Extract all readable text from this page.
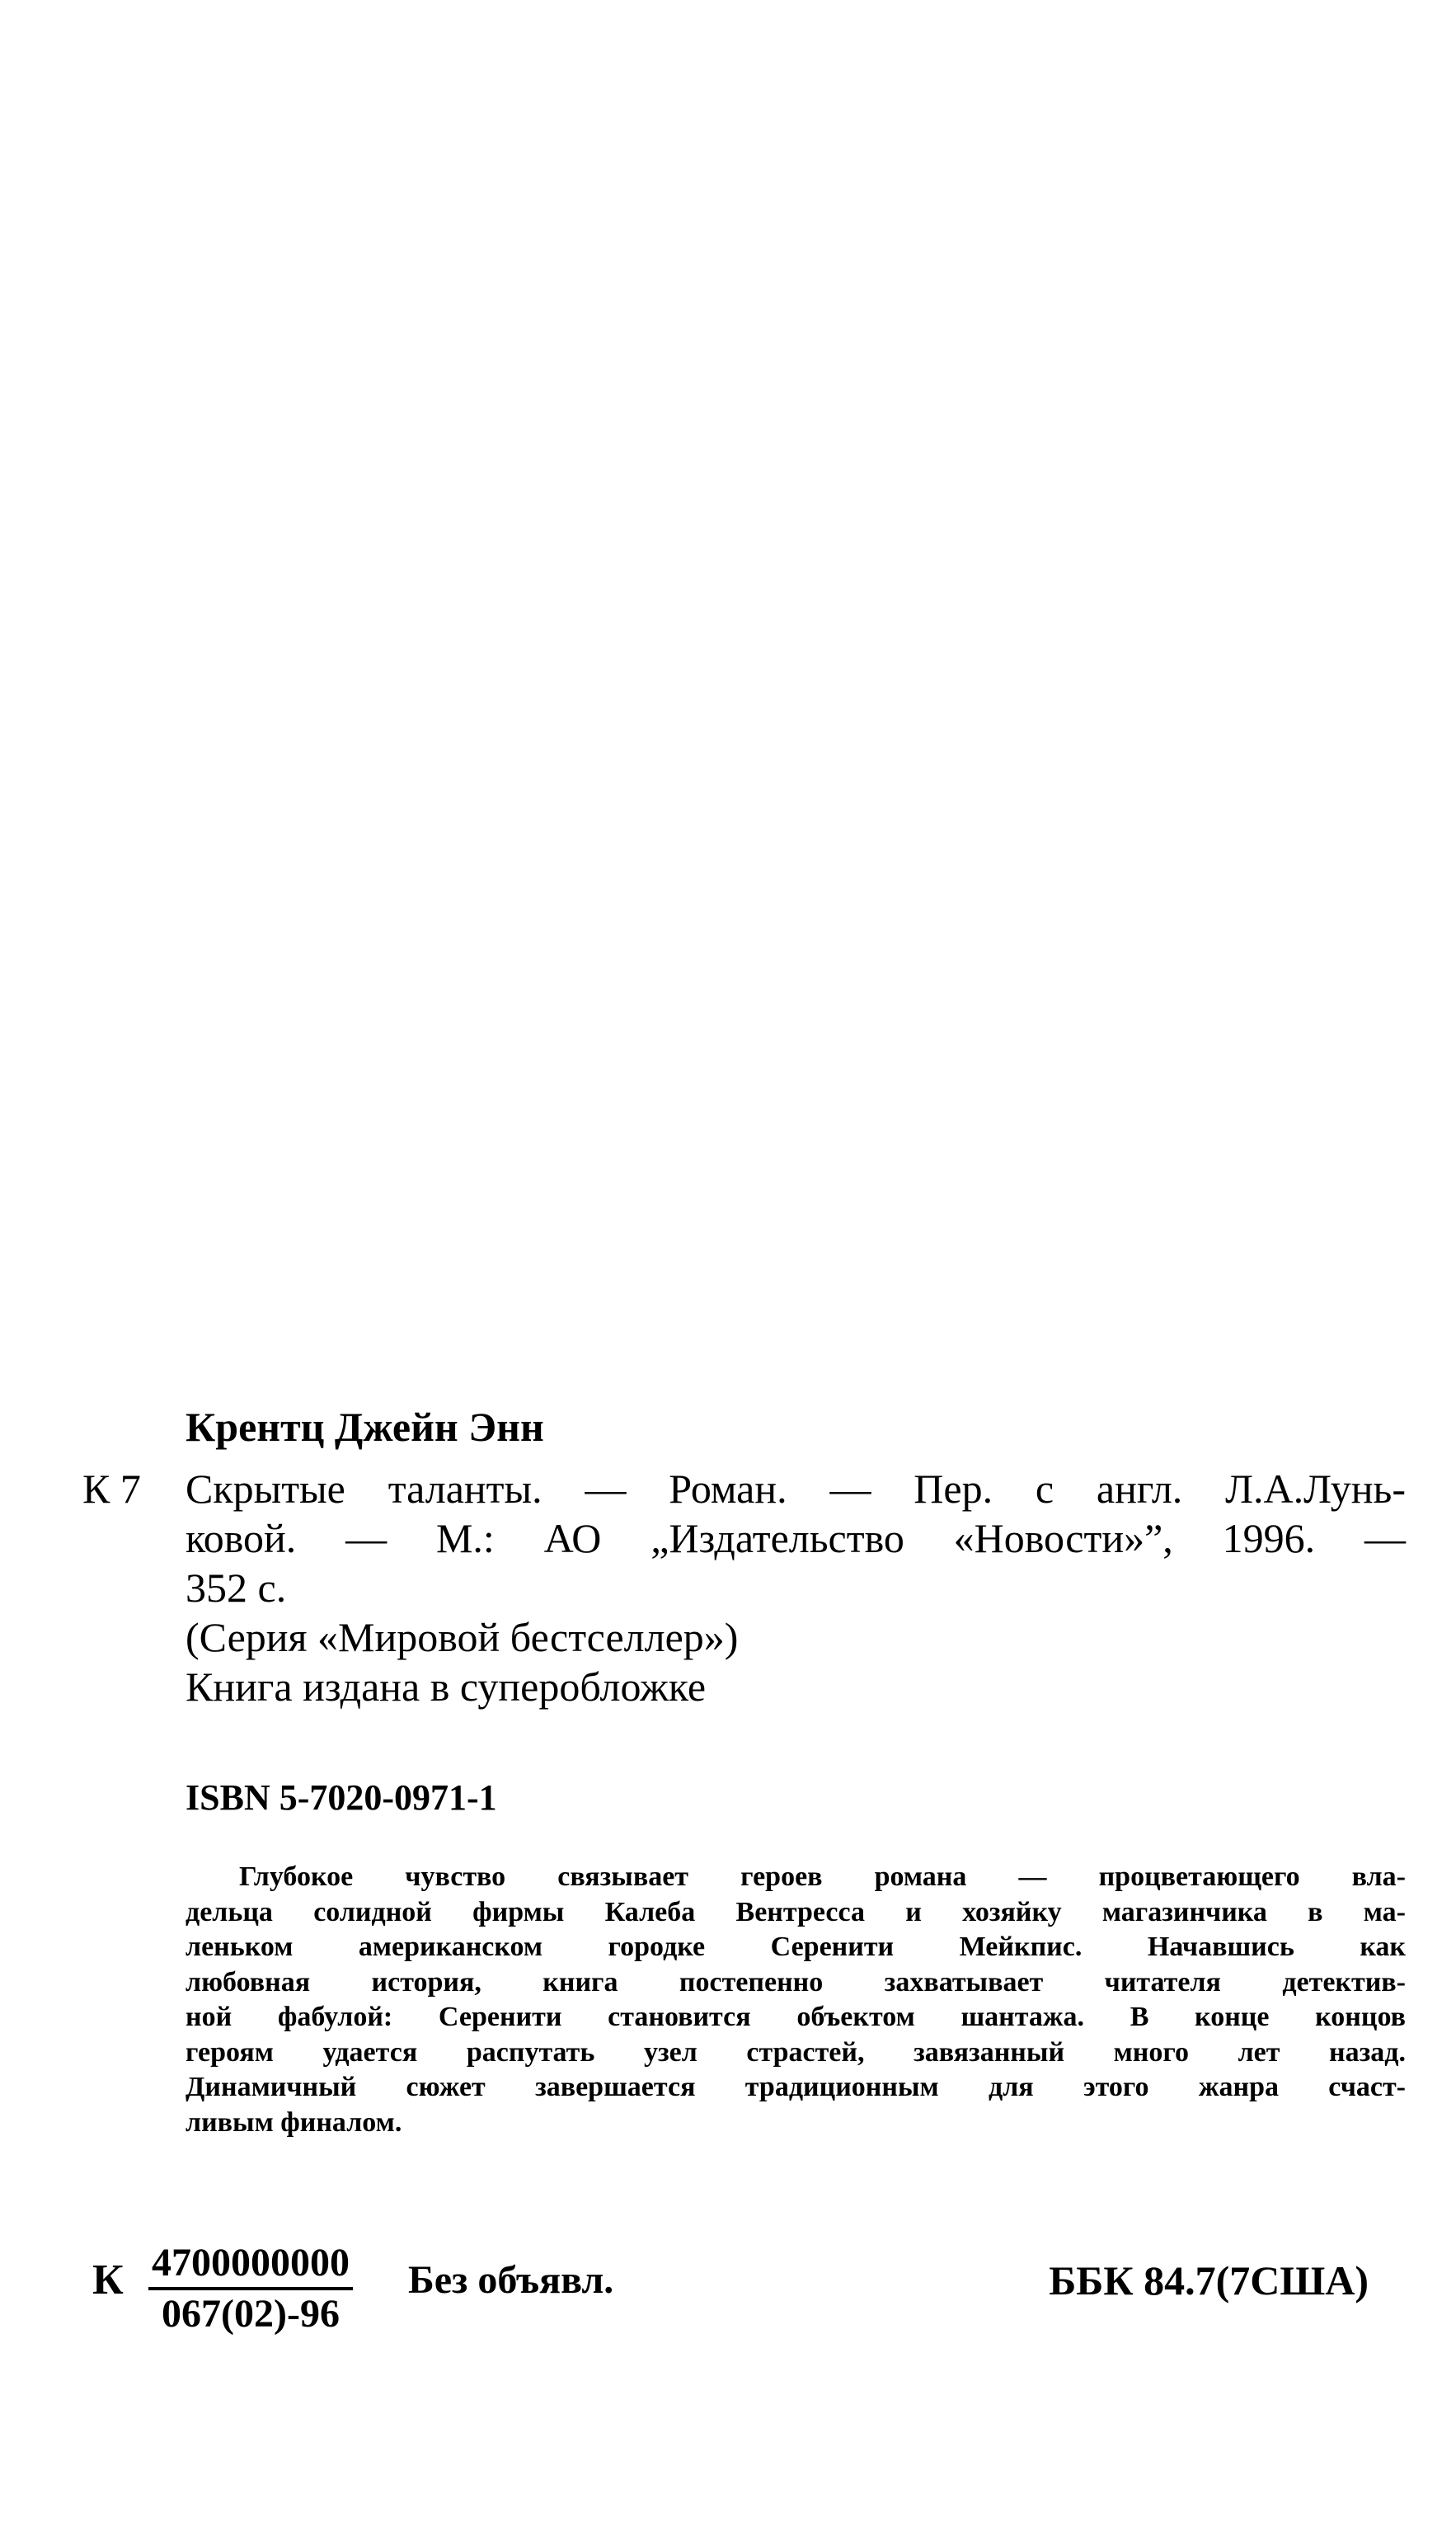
Крентц Джейн Энн
К 7 Скрытые таланты. — Роман. — Пер. с англ. Л.А.Лунь-

ковой. — М.: АО „Издательство «Новости»”, 1996. —

352 с.

(Серия «Мировой бестселлер»)

Книга издана в суперобложке

ISBN 5-7020-0971-1
Глубокое чувство связывает героев романа — процветающего вла-
дельца солидной фирмы Калеба Вентресса и хозяйку магазинчика в ма-
леньком американском городке Серенити Мейкпис. Начавшись как
любовная история, книга постепенно захватывает читателя детектив-
ной фабулой: Серенити становится объектом шантажа. В конце концов
героям удается распутать узел страстей, завязанный много лет назад.
Динамичный сюжет завершается традиционным для этого жанра счаст-
ливым финалом.
К $\frac{4700000000}{067(02)-96}$ Без объявл.	ББК 84.7(7США)
